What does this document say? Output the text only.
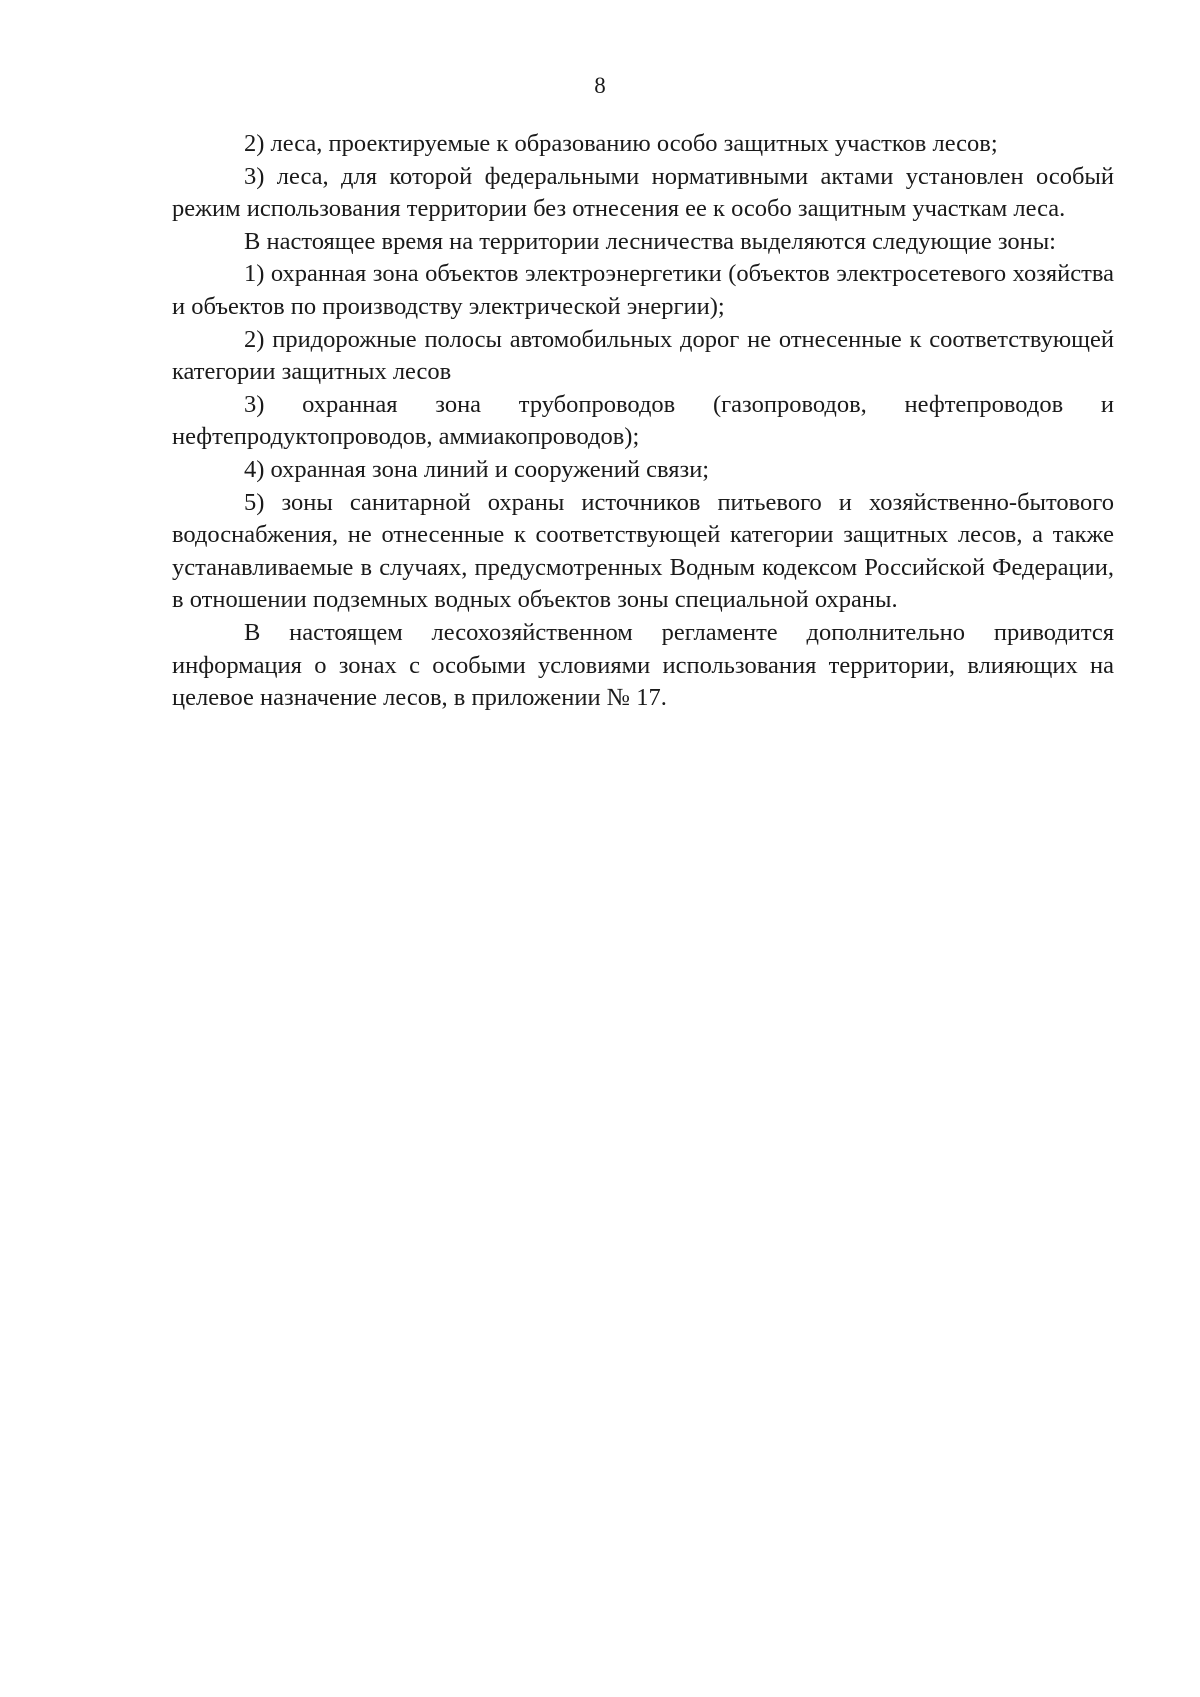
8

2) леса, проектируемые к образованию особо защитных участков лесов;

3) леса, для которой федеральными нормативными актами установлен особый режим использования территории без отнесения ее к особо защитным участкам леса.

В настоящее время на территории лесничества выделяются следующие зоны:

1) охранная зона объектов электроэнергетики (объектов электросетевого хозяйства и объектов по производству электрической энергии);

2) придорожные полосы автомобильных дорог не отнесенные к соответствующей категории защитных лесов

3) охранная зона трубопроводов (газопроводов, нефтепроводов и нефтепродуктопроводов, аммиакопроводов);

4) охранная зона линий и сооружений связи;

5) зоны санитарной охраны источников питьевого и хозяйственно-бытового водоснабжения, не отнесенные к соответствующей категории защитных лесов, а также устанавливаемые в случаях, предусмотренных Водным кодексом Российской Федерации, в отношении подземных водных объектов зоны специальной охраны.

В настоящем лесохозяйственном регламенте дополнительно приводится информация о зонах с особыми условиями использования территории, влияющих на целевое назначение лесов, в приложении № 17.
